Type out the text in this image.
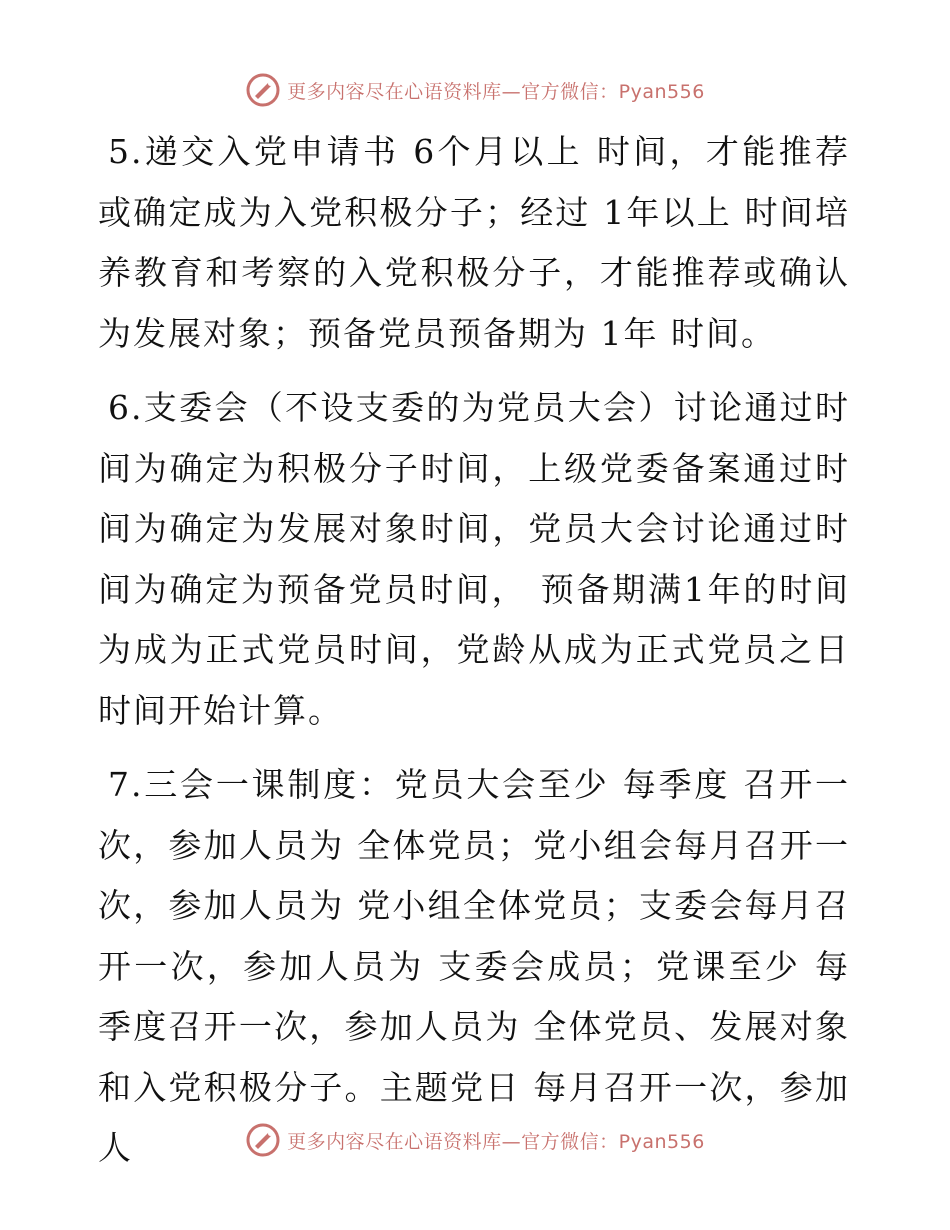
更多内容尽在心语资料库—官方微信：Pyan556

5.递交入党申请书 6个月以上 时间，才能推荐或确定成为入党积极分子；经过 1年以上 时间培养教育和考察的入党积极分子，才能推荐或确认为发展对象；预备党员预备期为 1年 时间。

6.支委会（不设支委的为党员大会）讨论通过时间为确定为积极分子时间，上级党委备案通过时间为确定为发展对象时间，党员大会讨论通过时间为确定为预备党员时间， 预备期满1年的时间为成为正式党员时间，党龄从成为正式党员之日时间开始计算。

7.三会一课制度：党员大会至少 每季度 召开一次，参加人员为 全体党员；党小组会每月召开一次，参加人员为 党小组全体党员；支委会每月召开一次，参加人员为 支委会成员；党课至少 每季度召开一次，参加人员为 全体党员、发展对象和入党积极分子。主题党日 每月召开一次，参加人	更多内容尽在心语资料库—官方微信：Pyan556
